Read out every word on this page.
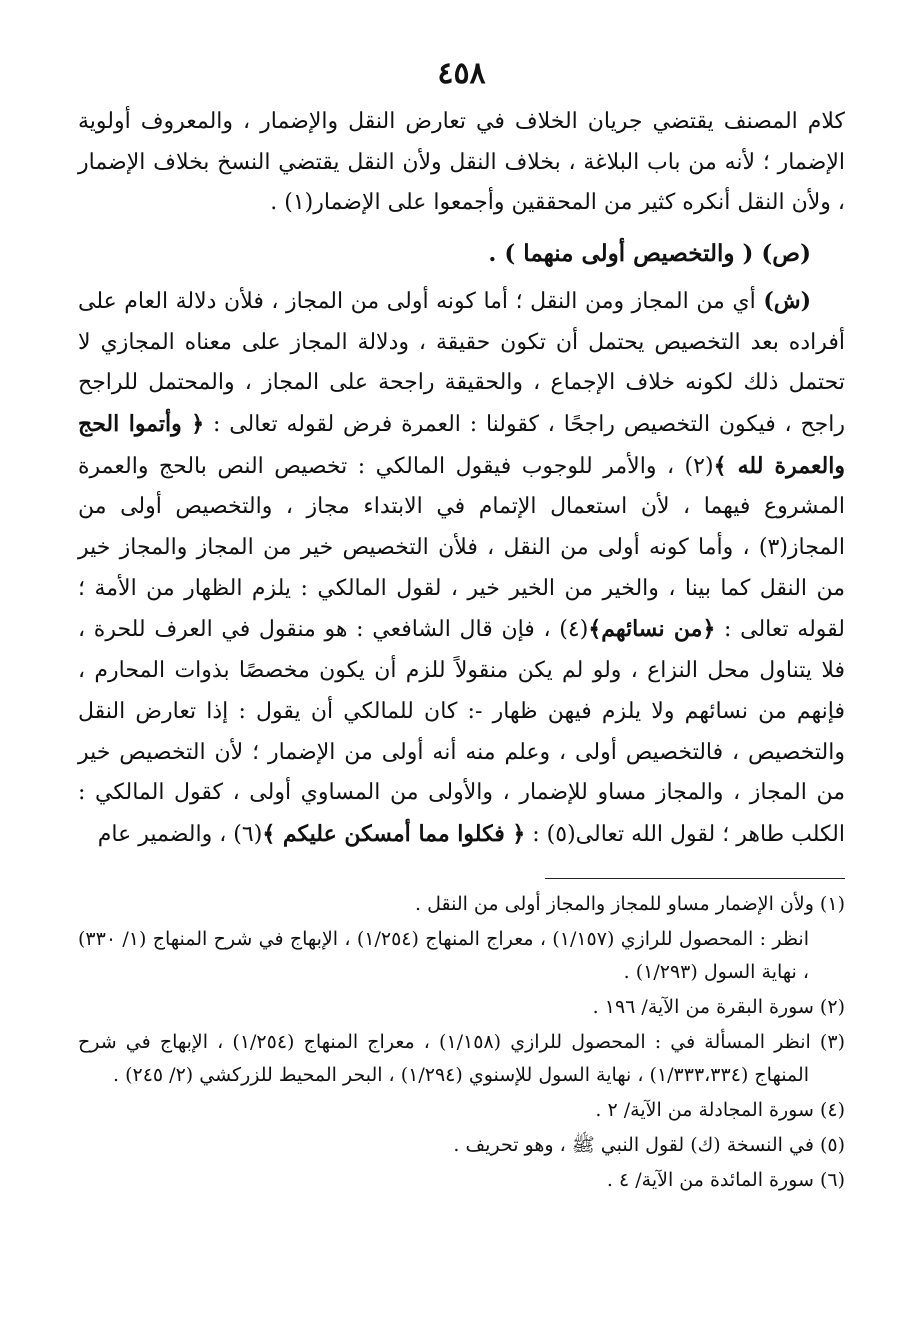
٤٥٨

كلام المصنف يقتضي جريان الخلاف في تعارض النقل والإضمار ، والمعروف أولوية الإضمار ؛ لأنه من باب البلاغة ، بخلاف النقل ولأن النقل يقتضي النسخ بخلاف الإضمار ، ولأن النقل أنكره كثير من المحققين وأجمعوا على الإضمار(١) .

(ص) ( والتخصيص أولى منهما ) .

(ش) أي من المجاز ومن النقل ؛ أما كونه أولى من المجاز ، فلأن دلالة العام على أفراده بعد التخصيص يحتمل أن تكون حقيقة ، ودلالة المجاز على معناه المجازي لا تحتمل ذلك لكونه خلاف الإجماع ، والحقيقة راجحة على المجاز ، والمحتمل للراجح راجح ، فيكون التخصيص راجحًا ، كقولنا : العمرة فرض لقوله تعالى : ﴿ وأتموا الحج والعمرة لله ﴾(٢) ، والأمر للوجوب فيقول المالكي : تخصيص النص بالحج والعمرة المشروع فيهما ، لأن استعمال الإتمام في الابتداء مجاز ، والتخصيص أولى من المجاز(٣) ، وأما كونه أولى من النقل ، فلأن التخصيص خير من المجاز والمجاز خير من النقل كما بينا ، والخير من الخير خير ، لقول المالكي : يلزم الظهار من الأمة ؛ لقوله تعالى : ﴿من نسائهم﴾(٤) ، فإن قال الشافعي : هو منقول في العرف للحرة ، فلا يتناول محل النزاع ، ولو لم يكن منقولاً للزم أن يكون مخصصًا بذوات المحارم ، فإنهم من نسائهم ولا يلزم فيهن ظهار -: كان للمالكي أن يقول : إذا تعارض النقل والتخصيص ، فالتخصيص أولى ، وعلم منه أنه أولى من الإضمار ؛ لأن التخصيص خير من المجاز ، والمجاز مساو للإضمار ، والأولى من المساوي أولى ، كقول المالكي : الكلب طاهر ؛ لقول الله تعالى(٥) : ﴿ فكلوا مما أمسكن عليكم ﴾(٦) ، والضمير عام

(١) ولأن الإضمار مساو للمجاز والمجاز أولى من النقل .

انظر : المحصول للرازي (١/١٥٧) ، معراج المنهاج (١/٢٥٤) ، الإبهاج في شرح المنهاج (١/ ٣٣٠) ، نهاية السول (١/٢٩٣) .

(٢) سورة البقرة من الآية/ ١٩٦ .

(٣) انظر المسألة في : المحصول للرازي (١/١٥٨) ، معراج المنهاج (١/٢٥٤) ، الإبهاج في شرح المنهاج (١/٣٣٣،٣٣٤) ، نهاية السول للإسنوي (١/٢٩٤) ، البحر المحيط للزركشي (٢/ ٢٤٥) .

(٤) سورة المجادلة من الآية/ ٢ .

(٥) في النسخة (ك) لقول النبي ﷺ ، وهو تحريف .

(٦) سورة المائدة من الآية/ ٤ .
